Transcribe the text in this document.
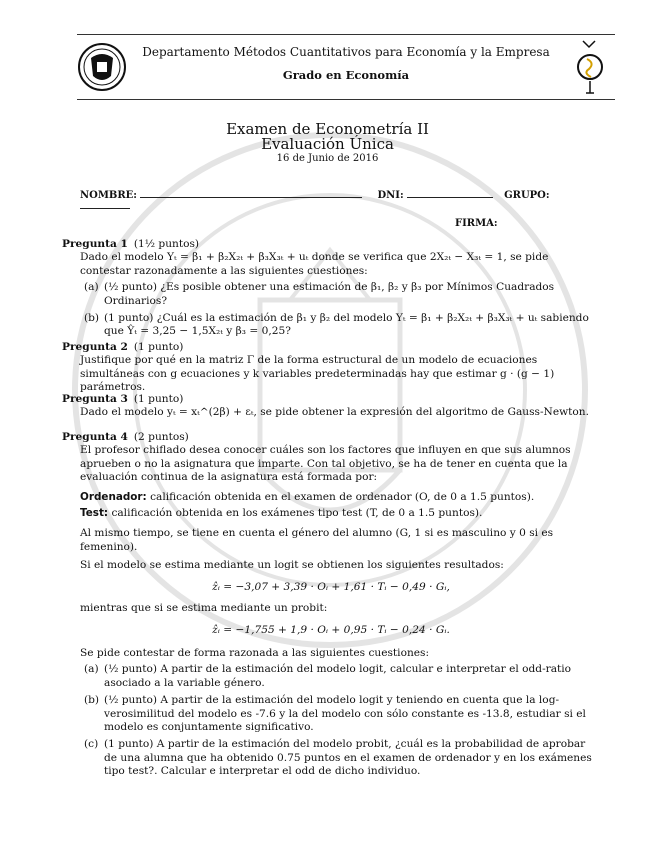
Departamento Métodos Cuantitativos para Economía y la Empresa
Grado en Economía
Examen de Econometría II
Evaluación Única
16 de Junio de 2016
NOMBRE:	DNI:	GRUPO:
FIRMA:
Pregunta 1 (1½ puntos)
Dado el modelo Yₜ = β₁ + β₂X₂ₜ + β₃X₃ₜ + uₜ donde se verifica que 2X₂ₜ − X₃ₜ = 1, se pide contestar razonadamente a las siguientes cuestiones:
(a) (½ punto) ¿Es posible obtener una estimación de β₁, β₂ y β₃ por Mínimos Cuadrados Ordinarios?
(b) (1 punto) ¿Cuál es la estimación de β₁ y β₂ del modelo Yₜ = β₁ + β₂X₂ₜ + β₃X₃ₜ + uₜ sabiendo que Ŷₜ = 3,25 − 1,5X₂ₜ y β₃ = 0,25?
Pregunta 2 (1 punto)
Justifique por qué en la matriz Γ de la forma estructural de un modelo de ecuaciones simultáneas con g ecuaciones y k variables predeterminadas hay que estimar g · (g − 1) parámetros.
Pregunta 3 (1 punto)
Dado el modelo yₜ = xₜ^(2β) + εₜ, se pide obtener la expresión del algoritmo de Gauss-Newton.
Pregunta 4 (2 puntos)
El profesor chiflado desea conocer cuáles son los factores que influyen en que sus alumnos aprueben o no la asignatura que imparte. Con tal objetivo, se ha de tener en cuenta que la evaluación continua de la asignatura está formada por:
Ordenador: calificación obtenida en el examen de ordenador (O, de 0 a 1.5 puntos).
Test: calificación obtenida en los exámenes tipo test (T, de 0 a 1.5 puntos).
Al mismo tiempo, se tiene en cuenta el género del alumno (G, 1 si es masculino y 0 si es femenino).
Si el modelo se estima mediante un logit se obtienen los siguientes resultados:
ẑᵢ = −3,07 + 3,39 · Oᵢ + 1,61 · Tᵢ − 0,49 · Gᵢ,
mientras que si se estima mediante un probit:
ẑᵢ = −1,755 + 1,9 · Oᵢ + 0,95 · Tᵢ − 0,24 · Gᵢ.
Se pide contestar de forma razonada a las siguientes cuestiones:
(a) (½ punto) A partir de la estimación del modelo logit, calcular e interpretar el odd-ratio asociado a la variable género.
(b) (½ punto) A partir de la estimación del modelo logit y teniendo en cuenta que la log-verosimilitud del modelo es -7.6 y la del modelo con sólo constante es -13.8, estudiar si el modelo es conjuntamente significativo.
(c) (1 punto) A partir de la estimación del modelo probit, ¿cuál es la probabilidad de aprobar de una alumna que ha obtenido 0.75 puntos en el examen de ordenador y en los exámenes tipo test?. Calcular e interpretar el odd de dicho individuo.
